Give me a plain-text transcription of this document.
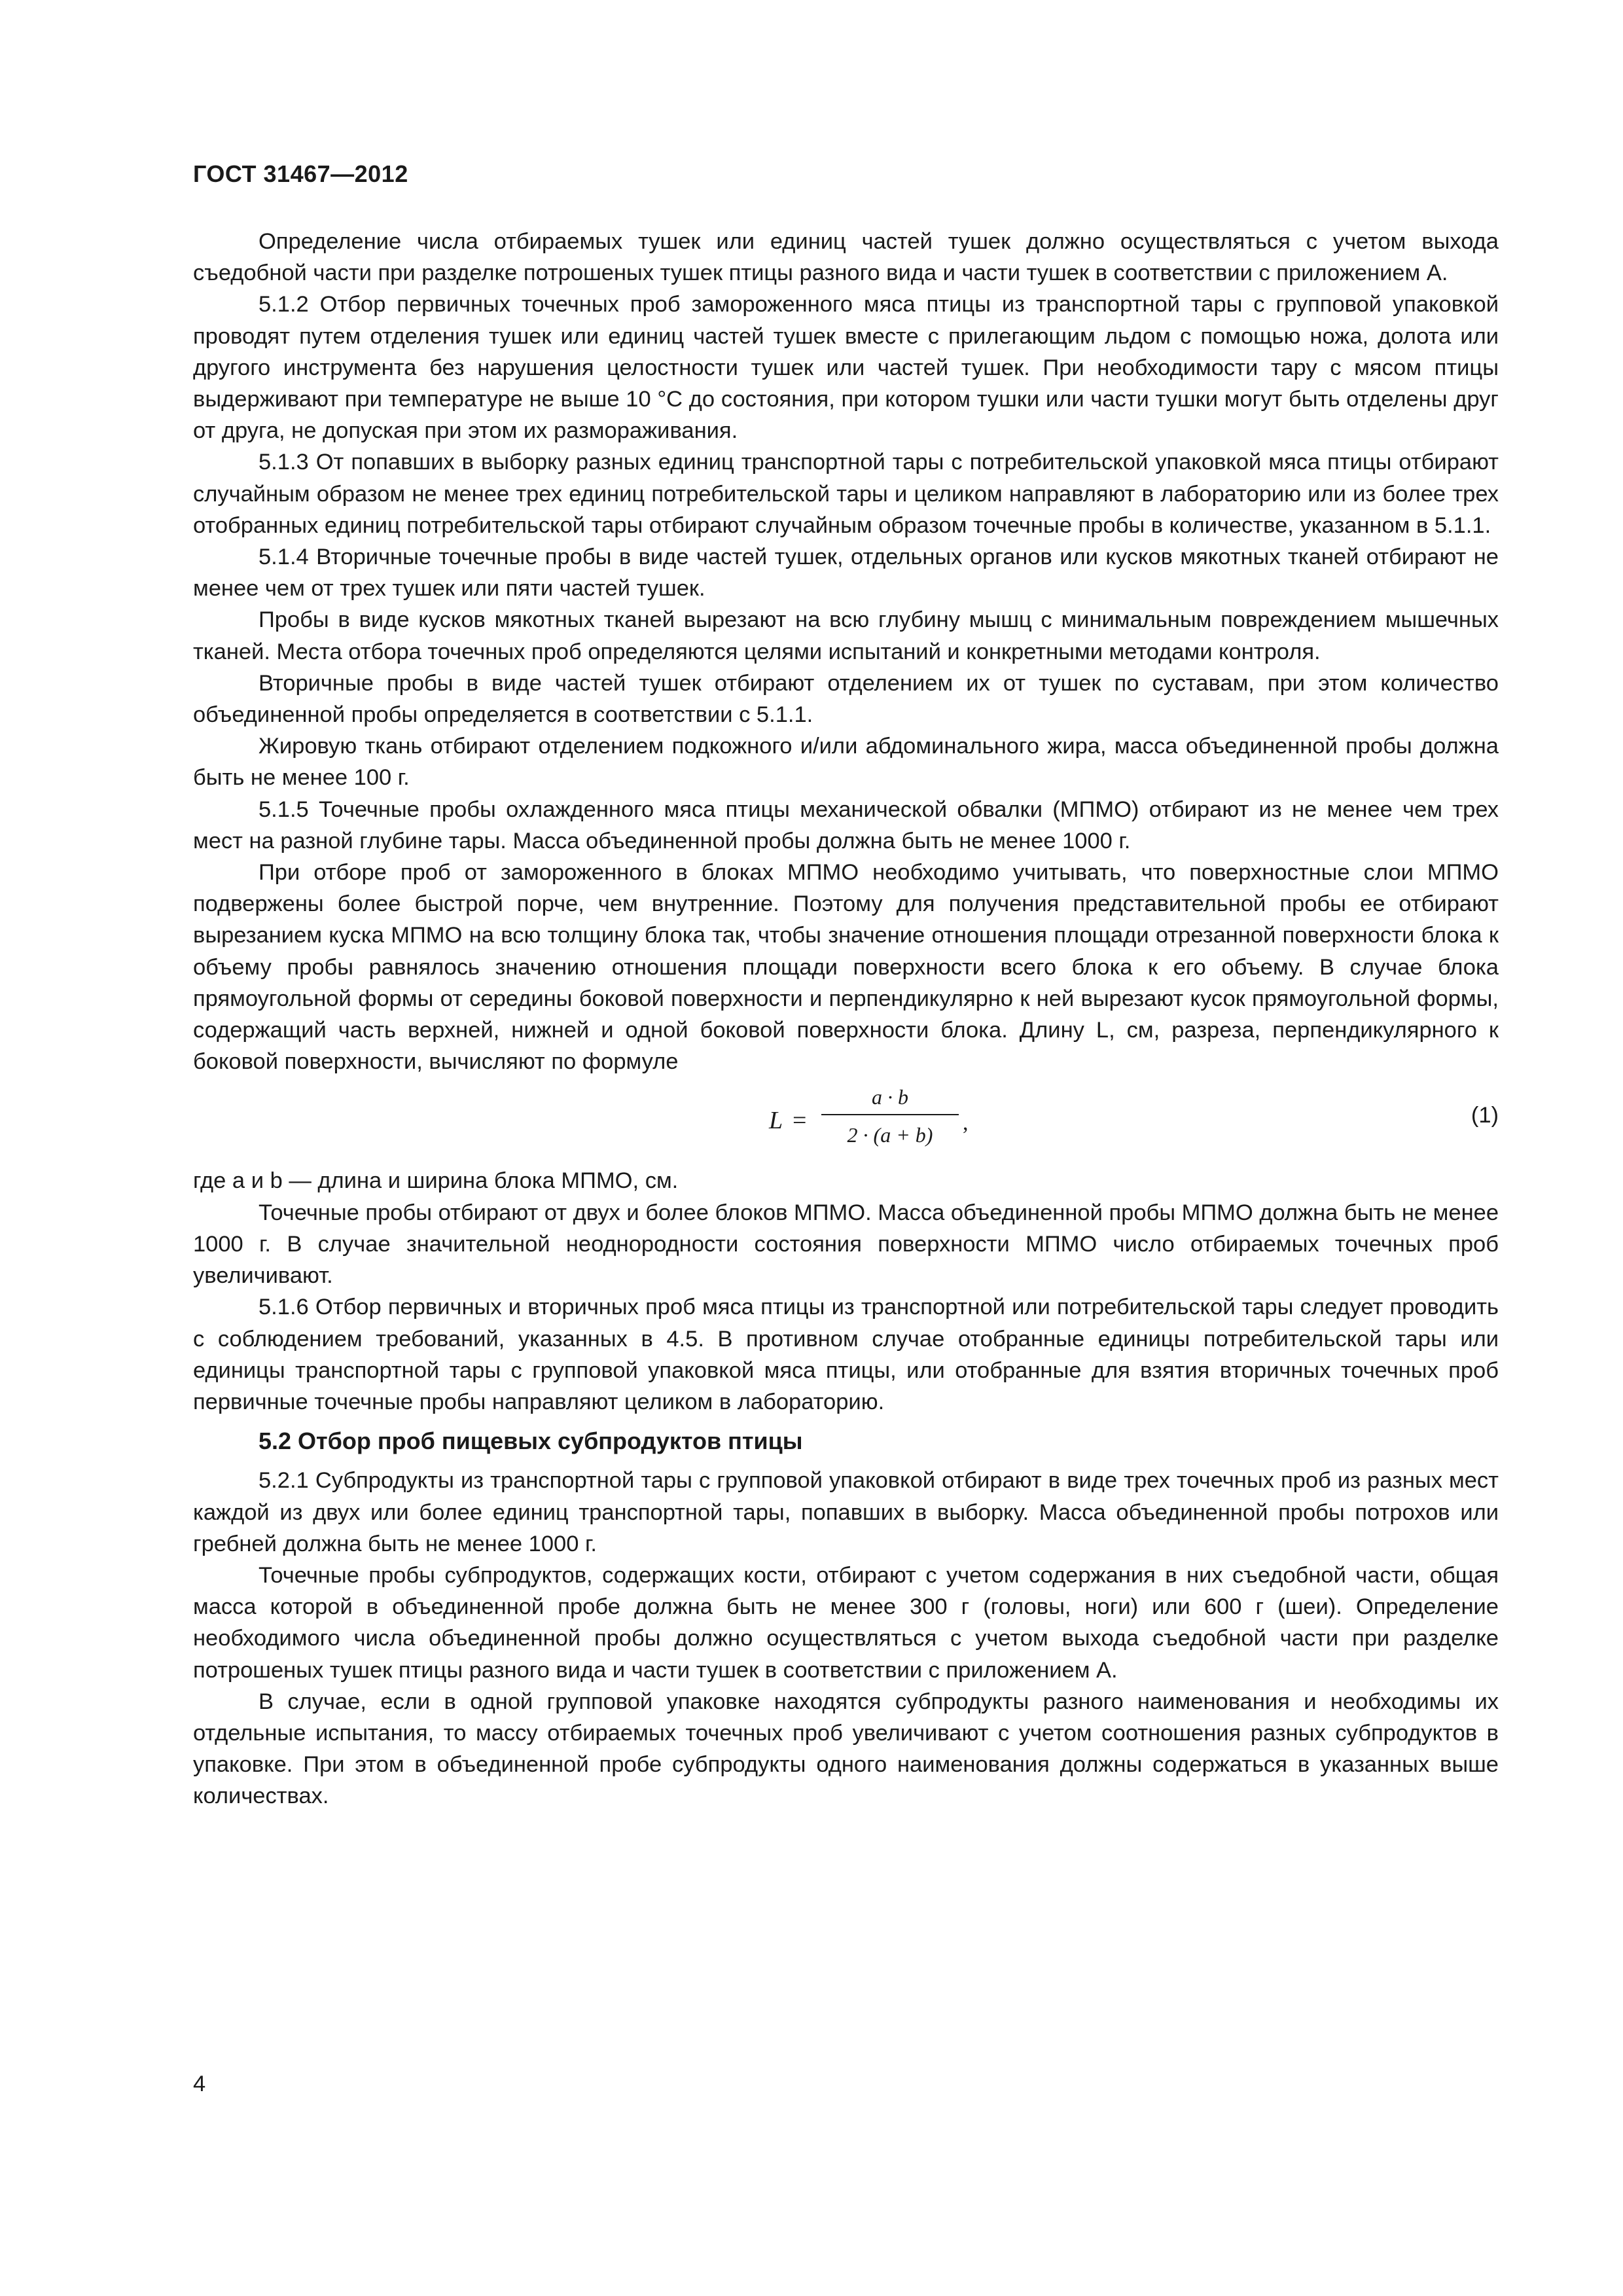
ГОСТ 31467—2012

Определение числа отбираемых тушек или единиц частей тушек должно осуществляться с учетом выхода съедобной части при разделке потрошеных тушек птицы разного вида и части тушек в соответствии с приложением А.

5.1.2 Отбор первичных точечных проб замороженного мяса птицы из транспортной тары с групповой упаковкой проводят путем отделения тушек или единиц частей тушек вместе с прилегающим льдом с помощью ножа, долота или другого инструмента без нарушения целостности тушек или частей тушек. При необходимости тару с мясом птицы выдерживают при температуре не выше 10 °С до состояния, при котором тушки или части тушки могут быть отделены друг от друга, не допуская при этом их размораживания.

5.1.3 От попавших в выборку разных единиц транспортной тары с потребительской упаковкой мяса птицы отбирают случайным образом не менее трех единиц потребительской тары и целиком направляют в лабораторию или из более трех отобранных единиц потребительской тары отбирают случайным образом точечные пробы в количестве, указанном в 5.1.1.

5.1.4 Вторичные точечные пробы в виде частей тушек, отдельных органов или кусков мякотных тканей отбирают не менее чем от трех тушек или пяти частей тушек.

Пробы в виде кусков мякотных тканей вырезают на всю глубину мышц с минимальным повреждением мышечных тканей. Места отбора точечных проб определяются целями испытаний и конкретными методами контроля.

Вторичные пробы в виде частей тушек отбирают отделением их от тушек по суставам, при этом количество объединенной пробы определяется в соответствии с 5.1.1.

Жировую ткань отбирают отделением подкожного и/или абдоминального жира, масса объединенной пробы должна быть не менее 100 г.

5.1.5 Точечные пробы охлажденного мяса птицы механической обвалки (МПМО) отбирают из не менее чем трех мест на разной глубине тары. Масса объединенной пробы должна быть не менее 1000 г.

При отборе проб от замороженного в блоках МПМО необходимо учитывать, что поверхностные слои МПМО подвержены более быстрой порче, чем внутренние. Поэтому для получения представительной пробы ее отбирают вырезанием куска МПМО на всю толщину блока так, чтобы значение отношения площади отрезанной поверхности блока к объему пробы равнялось значению отношения площади поверхности всего блока к его объему. В случае блока прямоугольной формы от середины боковой поверхности и перпендикулярно к ней вырезают кусок прямоугольной формы, содержащий часть верхней, нижней и одной боковой поверхности блока. Длину L, см, разреза, перпендикулярного к боковой поверхности, вычисляют по формуле

L =
a · b
2 · (a + b)	,	(1)

где a и b — длина и ширина блока МПМО, см.

Точечные пробы отбирают от двух и более блоков МПМО. Масса объединенной пробы МПМО должна быть не менее 1000 г. В случае значительной неоднородности состояния поверхности МПМО число отбираемых точечных проб увеличивают.

5.1.6 Отбор первичных и вторичных проб мяса птицы из транспортной или потребительской тары следует проводить с соблюдением требований, указанных в 4.5. В противном случае отобранные единицы потребительской тары или единицы транспортной тары с групповой упаковкой мяса птицы, или отобранные для взятия вторичных точечных проб первичные точечные пробы направляют целиком в лабораторию.

5.2 Отбор проб пищевых субпродуктов птицы

5.2.1 Субпродукты из транспортной тары с групповой упаковкой отбирают в виде трех точечных проб из разных мест каждой из двух или более единиц транспортной тары, попавших в выборку. Масса объединенной пробы потрохов или гребней должна быть не менее 1000 г.

Точечные пробы субпродуктов, содержащих кости, отбирают с учетом содержания в них съедобной части, общая масса которой в объединенной пробе должна быть не менее 300 г (головы, ноги) или 600 г (шеи). Определение необходимого числа объединенной пробы должно осуществляться с учетом выхода съедобной части при разделке потрошеных тушек птицы разного вида и части тушек в соответствии с приложением А.

В случае, если в одной групповой упаковке находятся субпродукты разного наименования и необходимы их отдельные испытания, то массу отбираемых точечных проб увеличивают с учетом соотношения разных субпродуктов в упаковке. При этом в объединенной пробе субпродукты одного наименования должны содержаться в указанных выше количествах.

4
